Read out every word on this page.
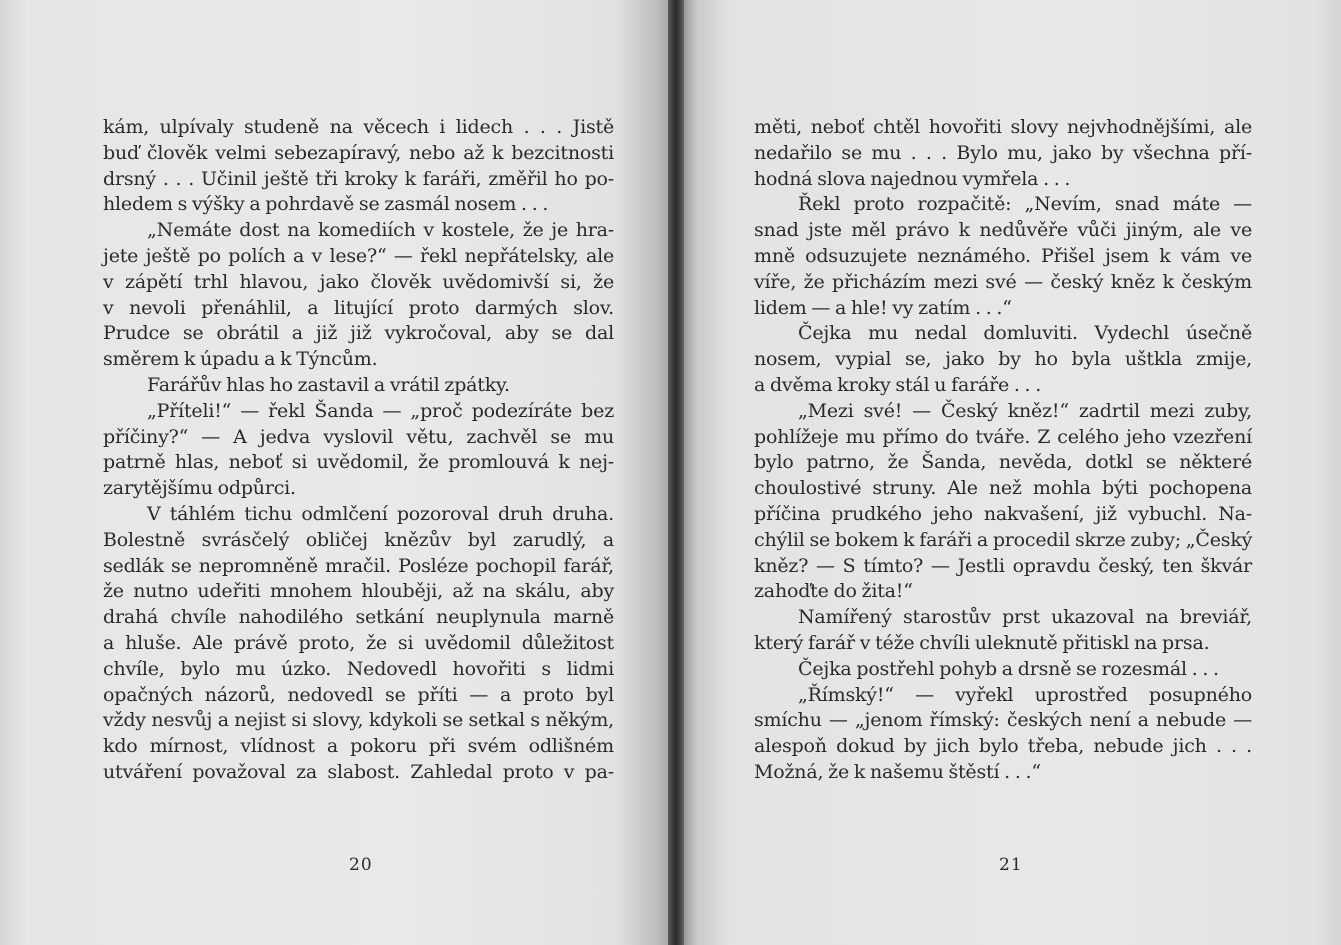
kám, ulpívaly studeně na věcech i lidech . . . Jistě
buď člověk velmi sebezapíravý, nebo až k bezcitnosti
drsný . . . Učinil ještě tři kroky k faráři, změřil ho po-
hledem s výšky a pohrdavě se zasmál nosem . . .
„Nemáte dost na komediích v kostele, že je hra-
jete ještě po polích a v lese?“ — řekl nepřátelsky, ale
v zápětí trhl hlavou, jako člověk uvědomivší si, že
v nevoli přenáhlil, a litující proto darmých slov.
Prudce se obrátil a již již vykročoval, aby se dal
směrem k úpadu a k Týncům.
Farářův hlas ho zastavil a vrátil zpátky.
„Příteli!“ — řekl Šanda — „proč podezíráte bez
příčiny?“ — A jedva vyslovil větu, zachvěl se mu
patrně hlas, neboť si uvědomil, že promlouvá k nej-
zarytějšímu odpůrci.
V táhlém tichu odmlčení pozoroval druh druha.
Bolestně svrásčelý obličej knězův byl zarudlý, a
sedlák se nepromněně mračil. Posléze pochopil farář,
že nutno udeřiti mnohem hlouběji, až na skálu, aby
drahá chvíle nahodilého setkání neuplynula marně
a hluše. Ale právě proto, že si uvědomil důležitost
chvíle, bylo mu úzko. Nedovedl hovořiti s lidmi
opačných názorů, nedovedl se příti — a proto byl
vždy nesvůj a nejist si slovy, kdykoli se setkal s někým,
kdo mírnost, vlídnost a pokoru při svém odlišném
utváření považoval za slabost. Zahledal proto v pa-
20
měti, neboť chtěl hovořiti slovy nejvhodnějšími, ale
nedařilo se mu . . . Bylo mu, jako by všechna pří-
hodná slova najednou vymřela . . .
Řekl proto rozpačitě: „Nevím, snad máte —
snad jste měl právo k nedůvěře vůči jiným, ale ve
mně odsuzujete neznámého. Přišel jsem k vám ve
víře, že přicházím mezi své — český kněz k českým
lidem — a hle! vy zatím . . .“
Čejka mu nedal domluviti. Vydechl úsečně
nosem, vypial se, jako by ho byla uštkla zmije,
a dvěma kroky stál u faráře . . .
„Mezi své! — Český kněz!“ zadrtil mezi zuby,
pohlížeje mu přímo do tváře. Z celého jeho vzezření
bylo patrno, že Šanda, nevěda, dotkl se některé
choulostivé struny. Ale než mohla býti pochopena
příčina prudkého jeho nakvašení, již vybuchl. Na-
chýlil se bokem k faráři a procedil skrze zuby; „Český
kněz? — S tímto? — Jestli opravdu český, ten škvár
zahoďte do žita!“
Namířený starostův prst ukazoval na breviář,
který farář v téže chvíli uleknutě přitiskl na prsa.
Čejka postřehl pohyb a drsně se rozesmál . . .
„Římský!“ — vyřekl uprostřed posupného
smíchu — „jenom římský: českých není a nebude —
alespoň dokud by jich bylo třeba, nebude jich . . .
Možná, že k našemu štěstí . . .“
21
